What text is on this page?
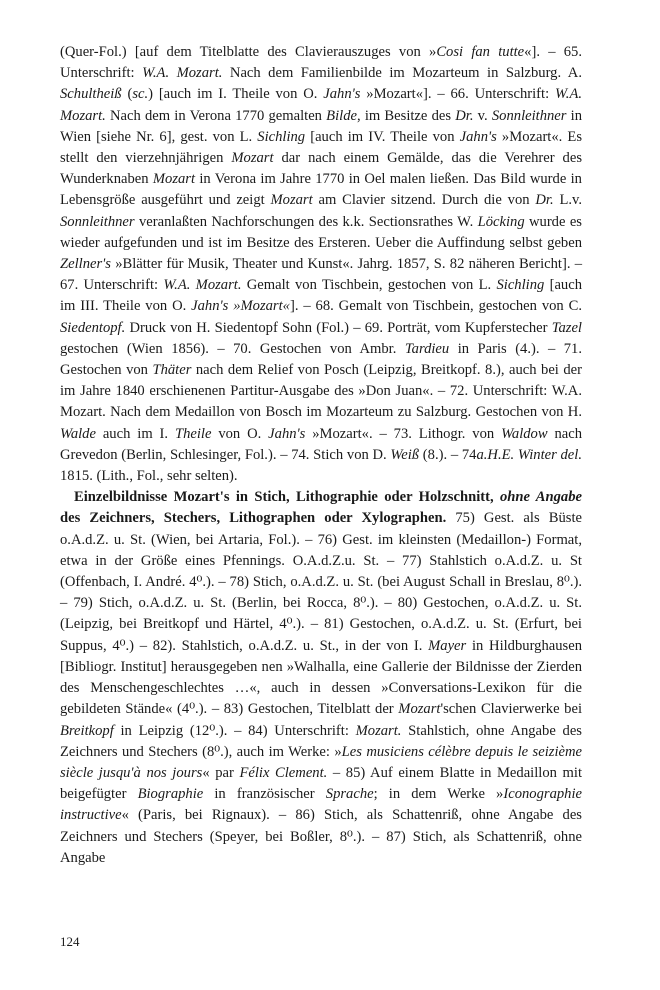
(Quer-Fol.) [auf dem Titelblatte des Clavierauszuges von »Cosi fan tutte«]. – 65. Unterschrift: W.A. Mozart. Nach dem Familienbilde im Mozarteum in Salzburg. A. Schultheiß (sc.) [auch im I. Theile von O. Jahn's »Mozart«]. – 66. Unterschrift: W.A. Mozart. Nach dem in Verona 1770 gemalten Bilde, im Besitze des Dr. v. Sonnleithner in Wien [siehe Nr. 6], gest. von L. Sichling [auch im IV. Theile von Jahn's »Mozart«. Es stellt den vierzehnjährigen Mozart dar nach einem Gemälde, das die Verehrer des Wunderknaben Mozart in Verona im Jahre 1770 in Oel malen ließen. Das Bild wurde in Lebensgröße ausgeführt und zeigt Mozart am Clavier sitzend. Durch die von Dr. L.v. Sonnleithner veranlaßten Nachforschungen des k.k. Sectionsrathes W. Löcking wurde es wieder aufgefunden und ist im Besitze des Ersteren. Ueber die Auffindung selbst geben Zellner's »Blätter für Musik, Theater und Kunst«. Jahrg. 1857, S. 82 näheren Bericht]. – 67. Unterschrift: W.A. Mozart. Gemalt von Tischbein, gestochen von L. Sichling [auch im III. Theile von O. Jahn's »Mozart«]. – 68. Gemalt von Tischbein, gestochen von C. Siedentopf. Druck von H. Siedentopf Sohn (Fol.) – 69. Porträt, vom Kupferstecher Tazel gestochen (Wien 1856). – 70. Gestochen von Ambr. Tardieu in Paris (4.). – 71. Gestochen von Thäter nach dem Relief von Posch (Leipzig, Breitkopf. 8.), auch bei der im Jahre 1840 erschienenen Partitur-Ausgabe des »Don Juan«. – 72. Unterschrift: W.A. Mozart. Nach dem Medaillon von Bosch im Mozarteum zu Salzburg. Gestochen von H. Walde auch im I. Theile von O. Jahn's »Mozart«. – 73. Lithogr. von Waldow nach Grevedon (Berlin, Schlesinger, Fol.). – 74. Stich von D. Weiß (8.). – 74a.H.E. Winter del. 1815. (Lith., Fol., sehr selten).

Einzelbildnisse Mozart's in Stich, Lithographie oder Holzschnitt, ohne Angabe des Zeichners, Stechers, Lithographen oder Xylographen. 75) Gest. als Büste o.A.d.Z. u. St. (Wien, bei Artaria, Fol.). – 76) Gest. im kleinsten (Medaillon-) Format, etwa in der Größe eines Pfennings. O.A.d.Z.u. St. – 77) Stahlstich o.A.d.Z. u. St (Offenbach, I. André. 4⁰.). – 78) Stich, o.A.d.Z. u. St. (bei August Schall in Breslau, 8⁰.). – 79) Stich, o.A.d.Z. u. St. (Berlin, bei Rocca, 8⁰.). – 80) Gestochen, o.A.d.Z. u. St. (Leipzig, bei Breitkopf und Härtel, 4⁰.). – 81) Gestochen, o.A.d.Z. u. St. (Erfurt, bei Suppus, 4⁰.) – 82). Stahlstich, o.A.d.Z. u. St., in der von I. Mayer in Hildburghausen [Bibliogr. Institut] herausgegeben nen »Walhalla, eine Gallerie der Bildnisse der Zierden des Menschengeschlechtes …«, auch in dessen »Conversations-Lexikon für die gebildeten Stände« (4⁰.). – 83) Gestochen, Titelblatt der Mozart'schen Clavierwerke bei Breitkopf in Leipzig (12⁰.). – 84) Unterschrift: Mozart. Stahlstich, ohne Angabe des Zeichners und Stechers (8⁰.), auch im Werke: »Les musiciens célèbre depuis le seizième siècle jusqu'à nos jours« par Félix Clement. – 85) Auf einem Blatte in Medaillon mit beigefügter Biographie in französischer Sprache; in dem Werke »Iconographie instructive« (Paris, bei Rignaux). – 86) Stich, als Schattenriß, ohne Angabe des Zeichners und Stechers (Speyer, bei Boßler, 8⁰.). – 87) Stich, als Schattenriß, ohne Angabe

124
